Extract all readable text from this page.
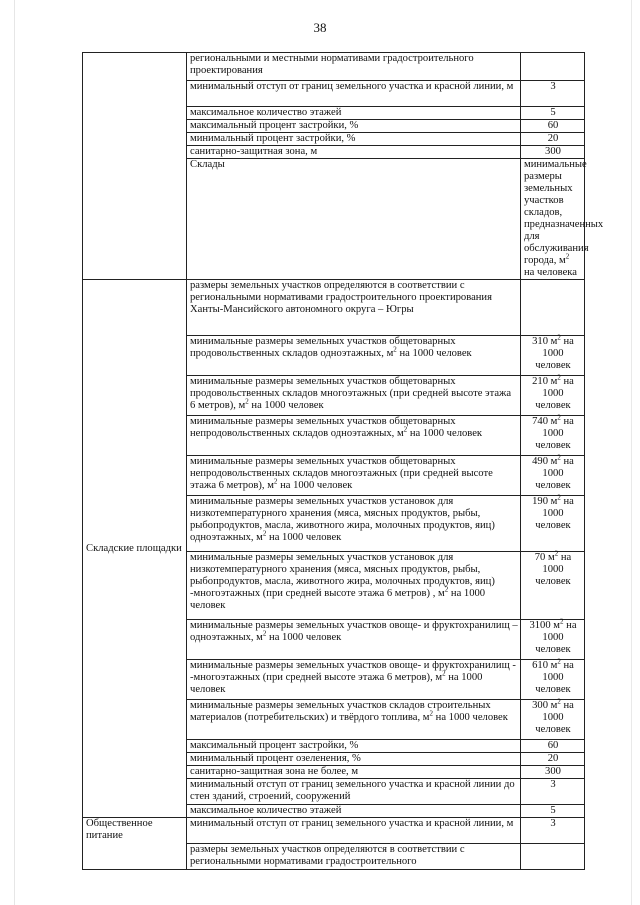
38
	региональными и местными нормативами градостроительного проектирования		
	минимальный отступ от границ земельного участка и красной линии, м	3	
	максимальное количество этажей	5	
	максимальный процент застройки, %	60	
	минимальный процент застройки, %	20	
	санитарно-защитная зона, м	300	
	Склады	минимальные размеры земельных участков складов, предназначенных для обслуживания города, $м^2$ на человека	
Складские площадки	размеры земельных участков определяются в соответствии с региональными нормативами градостроительного проектирования Ханты-Мансийского автономного округа – Югры		
	минимальные размеры земельных участков общетоварных продовольственных складов одноэтажных, $м^2$ на 1000 человек	310 $м^2$ на 1000 человек	
	минимальные размеры земельных участков общетоварных продовольственных складов многоэтажных (при средней высоте этажа 6 метров), $м^2$ на 1000 человек	210 $м^2$ на 1000 человек	
	минимальные размеры земельных участков общетоварных непродовольственных складов одноэтажных, $м^2$ на 1000 человек	740 $м^2$ на 1000 человек	
	минимальные размеры земельных участков общетоварных непродовольственных складов многоэтажных (при средней высоте этажа 6 метров), $м^2$ на 1000 человек	490 $м^2$ на 1000 человек	
	минимальные размеры земельных участков установок для низкотемпературного хранения (мяса, мясных продуктов, рыбы, рыбопродуктов, масла, животного жира, молочных продуктов, яиц) одноэтажных, $м^2$ на 1000 человек	190 $м^2$ на 1000 человек	
	минимальные размеры земельных участков установок для низкотемпературного хранения (мяса, мясных продуктов, рыбы, рыбопродуктов, масла, животного жира, молочных продуктов, яиц) -многоэтажных (при средней высоте этажа 6 метров) , $м^2$ на 1000 человек	70 $м^2$ на 1000 человек	
	минимальные размеры земельных участков овоще- и фруктохранилищ –одноэтажных, $м^2$ на 1000 человек	3100 $м^2$ на 1000 человек	
	минимальные размеры земельных участков овоще- и фруктохранилищ --многоэтажных (при средней высоте этажа 6 метров), $м^2$ на 1000 человек	610 $м^2$ на 1000 человек	
	минимальные размеры земельных участков складов строительных материалов (потребительских) и твёрдого топлива, $м^2$ на 1000 человек	300 $м^2$ на 1000 человек	
	максимальный процент застройки, %	60	
	минимальный процент озеленения, %	20	
	санитарно-защитная зона не более, м	300	
	минимальный отступ от границ земельного участка и красной линии до стен зданий, строений, сооружений	3	
	максимальное количество этажей	5	
Общественное питание	минимальный отступ от границ земельного участка и красной линии, м	3	
	размеры земельных участков определяются в соответствии с региональными нормативами градостроительного		
